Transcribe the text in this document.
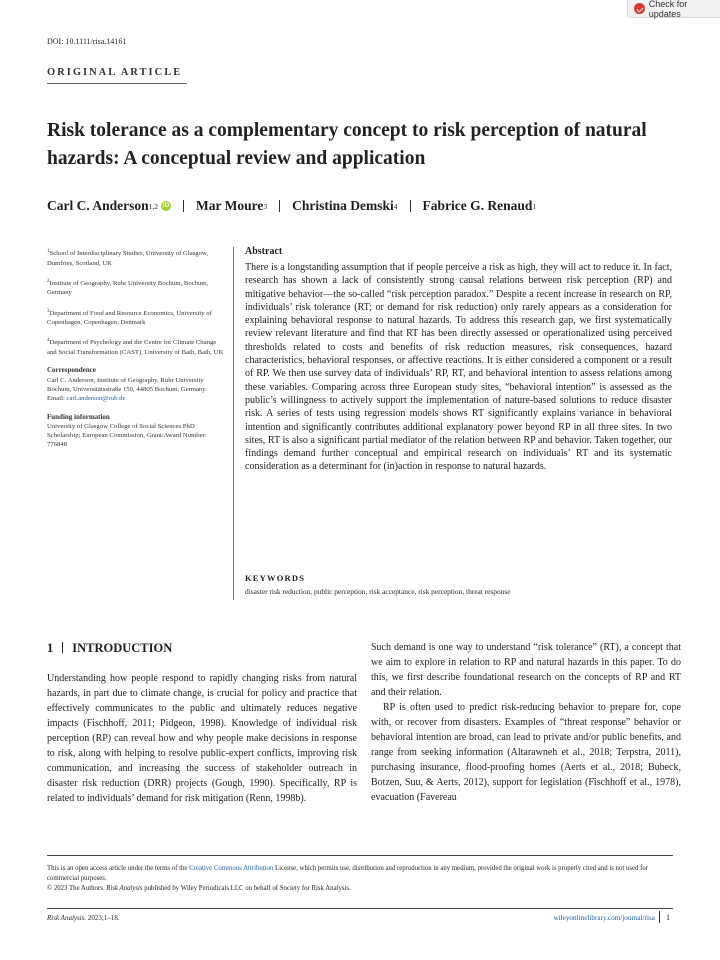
Check for updates
DOI: 10.1111/risa.14161
ORIGINAL ARTICLE
Risk tolerance as a complementary concept to risk perception of natural hazards: A conceptual review and application
Carl C. Anderson 1,2 iD Mar Moure 3 Christina Demski 4 Fabrice G. Renaud 1

$^1$School of Interdisciplinary Studies, University of Glasgow, Dumfries, Scotland, UK

$^2$Institute of Geography, Ruhr University Bochum, Bochum, Germany

$^3$Department of Food and Resource Economics, University of Copenhagen, Copenhagen, Denmark

$^4$Department of Psychology and the Centre for Climate Change and Social Transformation (CAST), University of Bath, Bath, UK

Correspondence

Carl C. Anderson, Institute of Geography, Ruhr University Bochum, Universitätsstraße 150, 44805 Bochum, Germany.
Email: carl.anderson@rub.de

Funding information

University of Glasgow College of Social Sciences PhD Scholarship; European Commission, Grant/Award Number: 776848

Abstract
There is a longstanding assumption that if people perceive a risk as high, they will act to reduce it. In fact, research has shown a lack of consistently strong causal relations between risk perception (RP) and mitigative behavior—the so-called “risk perception paradox.” Despite a recent increase in research on RP, individuals’ risk tolerance (RT; or demand for risk reduction) only rarely appears as a consideration for explaining behavioral response to natural hazards. To address this research gap, we first systematically review relevant literature and find that RT has been directly assessed or operationalized using perceived thresholds related to costs and benefits of risk reduction measures, risk consequences, hazard characteristics, behavioral responses, or affective reactions. It is either considered a component or a result of RP. We then use survey data of individuals’ RP, RT, and behavioral intention to assess relations among these variables. Comparing across three European study sites, “behavioral intention” is assessed as the public’s willingness to actively support the implementation of nature-based solutions to reduce disaster risk. A series of tests using regression models shows RT significantly explains variance in behavioral intention and significantly contributes additional explanatory power beyond RP in all three sites. In two sites, RT is also a significant partial mediator of the relation between RP and behavior. Taken together, our findings demand further conceptual and empirical research on individuals’ RT and its systematic consideration as a determinant for (in)action in response to natural hazards.
KEYWORDS
disaster risk reduction, public perception, risk acceptance, risk perception, threat response
1 INTRODUCTION

Understanding how people respond to rapidly changing risks from natural hazards, in part due to climate change, is crucial for policy and practice that effectively communicates to the public and ultimately reduces negative impacts (Fischhoff, 2011; Pidgeon, 1998). Knowledge of individual risk perception (RP) can reveal how and why people make decisions in response to risk, along with helping to resolve public-expert conflicts, improving risk communication, and increasing the success of stakeholder outreach in disaster risk reduction (DRR) projects (Gough, 1990). Specifically, RP is related to individuals’ demand for risk mitigation (Renn, 1998b).

Such demand is one way to understand “risk tolerance” (RT), a concept that we aim to explore in relation to RP and natural hazards in this paper. To do this, we first describe foundational research on the concepts of RP and RT and their relation.

RP is often used to predict risk-reducing behavior to prepare for, cope with, or recover from disasters. Examples of “threat response” behavior or behavioral intention are broad, can lead to private and/or public benefits, and range from seeking information (Altarawneh et al., 2018; Terpstra, 2011), purchasing insurance, flood-proofing homes (Aerts et al., 2018; Bubeck, Botzen, Suu, & Aerts, 2012), support for legislation (Fischhoff et al., 1978), evacuation (Favereau

This is an open access article under the terms of the Creative Commons Attribution License, which permits use, distribution and reproduction in any medium, provided the original work is properly cited and is not used for commercial purposes.

© 2023 The Authors. Risk Analysis published by Wiley Periodicals LLC on behalf of Society for Risk Analysis.

Risk Analysis. 2023;1–18.	wileyonlinelibrary.com/journal/risa 1
